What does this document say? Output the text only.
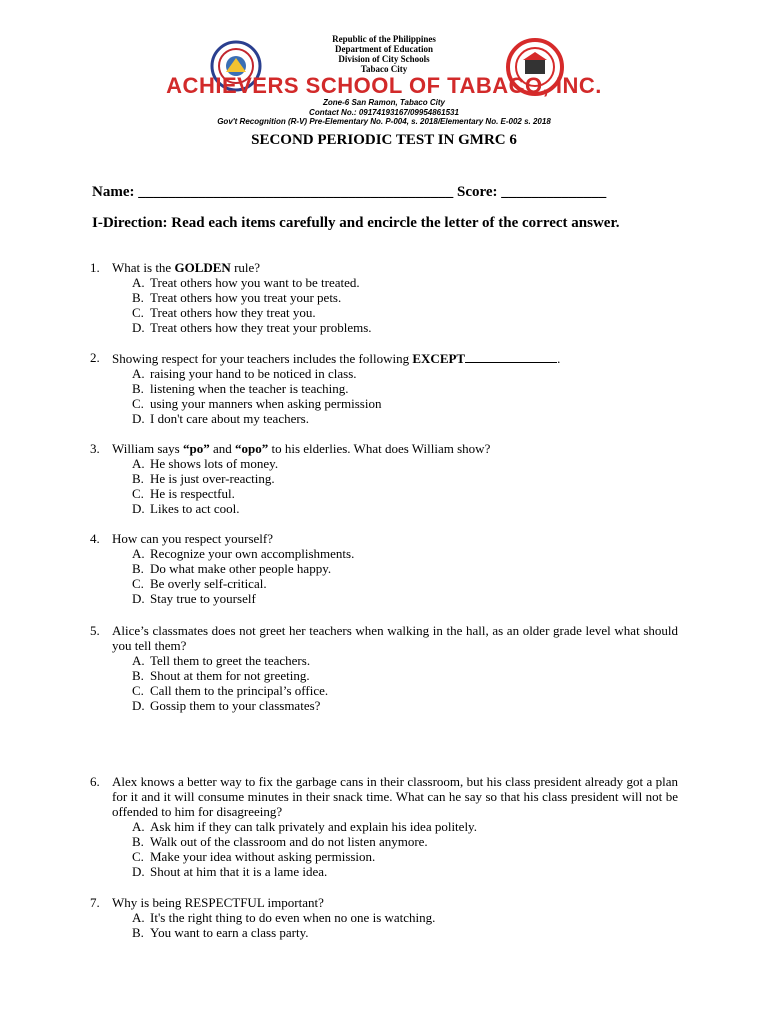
Republic of the Philippines
Department of Education
Division of City Schools
Tabaco City
ACHIEVERS SCHOOL OF TABACO, INC.
Zone-6 San Ramon, Tabaco City
Contact No.: 09174193167/09954861531
Gov't Recognition (R-V) Pre-Elementary No. P-004, s. 2018/Elementary No. E-002 s. 2018
SECOND PERIODIC TEST IN GMRC 6
Name: __________________________________________ Score: ______________
I-Direction: Read each items carefully and encircle the letter of the correct answer.
1. What is the GOLDEN rule?
A. Treat others how you want to be treated.
B. Treat others how you treat your pets.
C. Treat others how they treat you.
D. Treat others how they treat your problems.
2. Showing respect for your teachers includes the following EXCEPT	.
A. raising your hand to be noticed in class.
B. listening when the teacher is teaching.
C. using your manners when asking permission
D. I don't care about my teachers.
3. William says “po” and “opo” to his elderlies. What does William show?
A. He shows lots of money.
B. He is just over-reacting.
C. He is respectful.
D. Likes to act cool.
4. How can you respect yourself?
A. Recognize your own accomplishments.
B. Do what make other people happy.
C. Be overly self-critical.
D. Stay true to yourself
5. Alice’s classmates does not greet her teachers when walking in the hall, as an older grade level what should you tell them?
A. Tell them to greet the teachers.
B. Shout at them for not greeting.
C. Call them to the principal’s office.
D. Gossip them to your classmates?
6. Alex knows a better way to fix the garbage cans in their classroom, but his class president already got a plan for it and it will consume minutes in their snack time. What can he say so that his class president will not be offended to him for disagreeing?
A. Ask him if they can talk privately and explain his idea politely.
B. Walk out of the classroom and do not listen anymore.
C. Make your idea without asking permission.
D. Shout at him that it is a lame idea.
7. Why is being RESPECTFUL important?
A. It's the right thing to do even when no one is watching.
B. You want to earn a class party.
